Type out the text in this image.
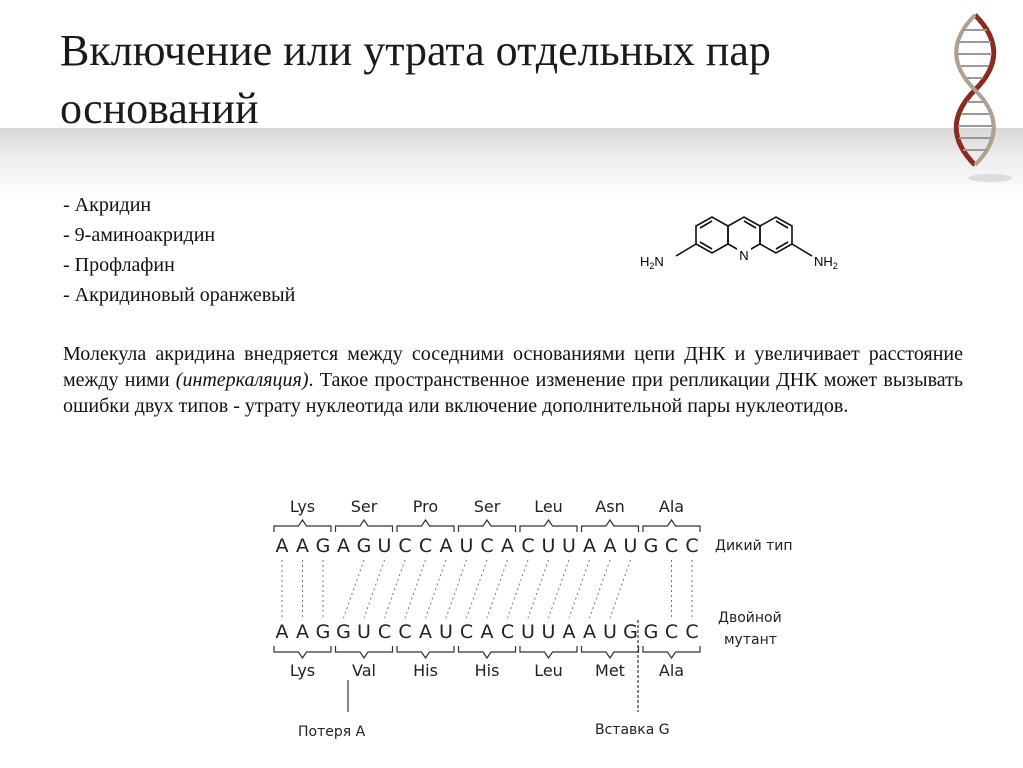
Включение или утрата отдельных пар оснований
- Акридин
- 9-аминоакридин
- Профлафин
- Акридиновый оранжевый
N
$H_2N$	$NH_2$
Молекула акридина внедряется между соседними основаниями цепи ДНК и увеличивает расстояние между ними (интеркаляция). Такое пространственное изменение при репликации ДНК может вызывать ошибки двух типов - утрату нуклеотида или включение дополнительной пары нуклеотидов.
Lys Ser Pro Ser Leu Asn Ala
A A G A G U C C A U C A C U U A A U G C C
A A G G U C C A U C A C U U A A U G G C C
Lys Val His His Leu Met Ala
Дикий тип
Двойной
мутант
Потеря А	Вставка G
